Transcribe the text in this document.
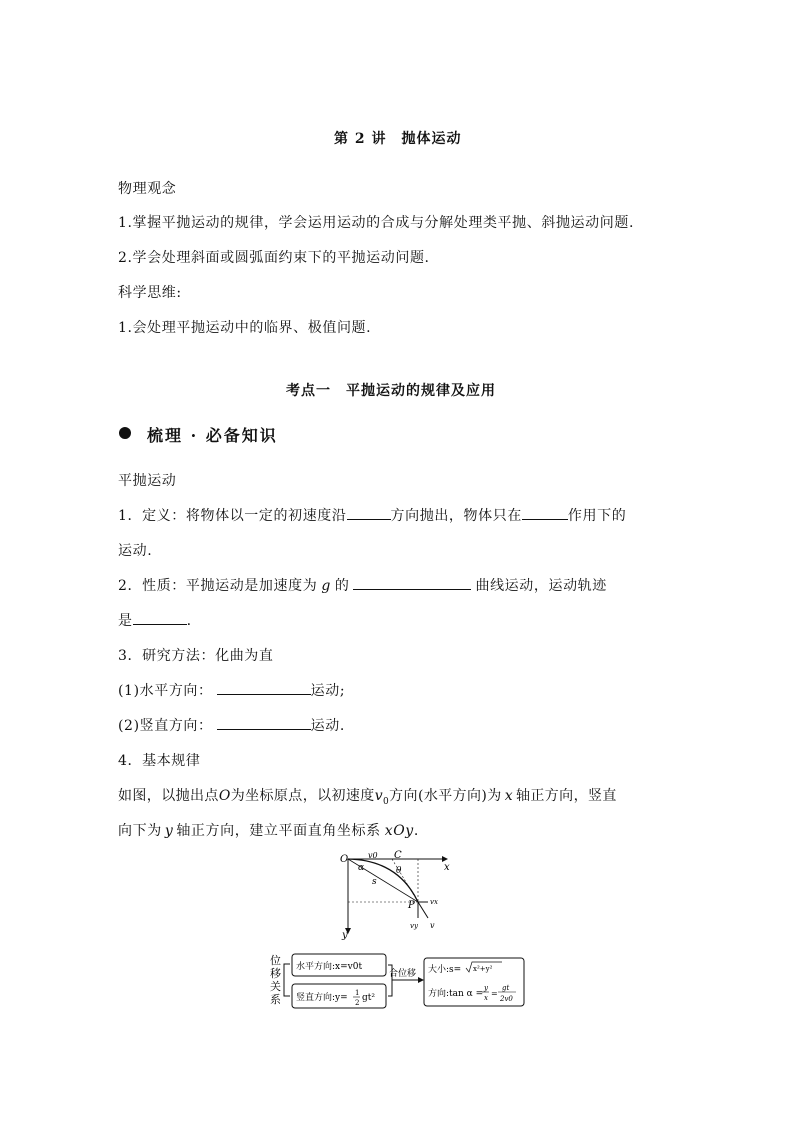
第 2 讲　抛体运动
物理观念
1.掌握平抛运动的规律，学会运用运动的合成与分解处理类平抛、斜抛运动问题.
2.学会处理斜面或圆弧面约束下的平抛运动问题.
科学思维:
1.会处理平抛运动中的临界、极值问题.
考点一　平抛运动的规律及应用
梳理 · 必备知识
平抛运动
1．定义：将物体以一定的初速度沿	方向抛出，物体只在	作用下的
运动.
2．性质：平抛运动是加速度为 g 的	曲线运动，运动轨迹
是	.
3．研究方法：化曲为直
(1)水平方向：	运动;
(2)竖直方向：	运动.
4．基本规律
如图，以抛出点O为坐标原点，以初速度$v_0$方向(水平方向)为 x 轴正方向，竖直
向下为 y 轴正方向，建立平面直角坐标系 xOy.
O	C
x
y
P
s
α	θ
v0
vx
vy v
位
移
关
系
水平方向:x=v0t
竖直方向:y= 1
2 gt²
合位移 大小:s= x²+y²
方向:tan α =
y
x =
gt
2v0
